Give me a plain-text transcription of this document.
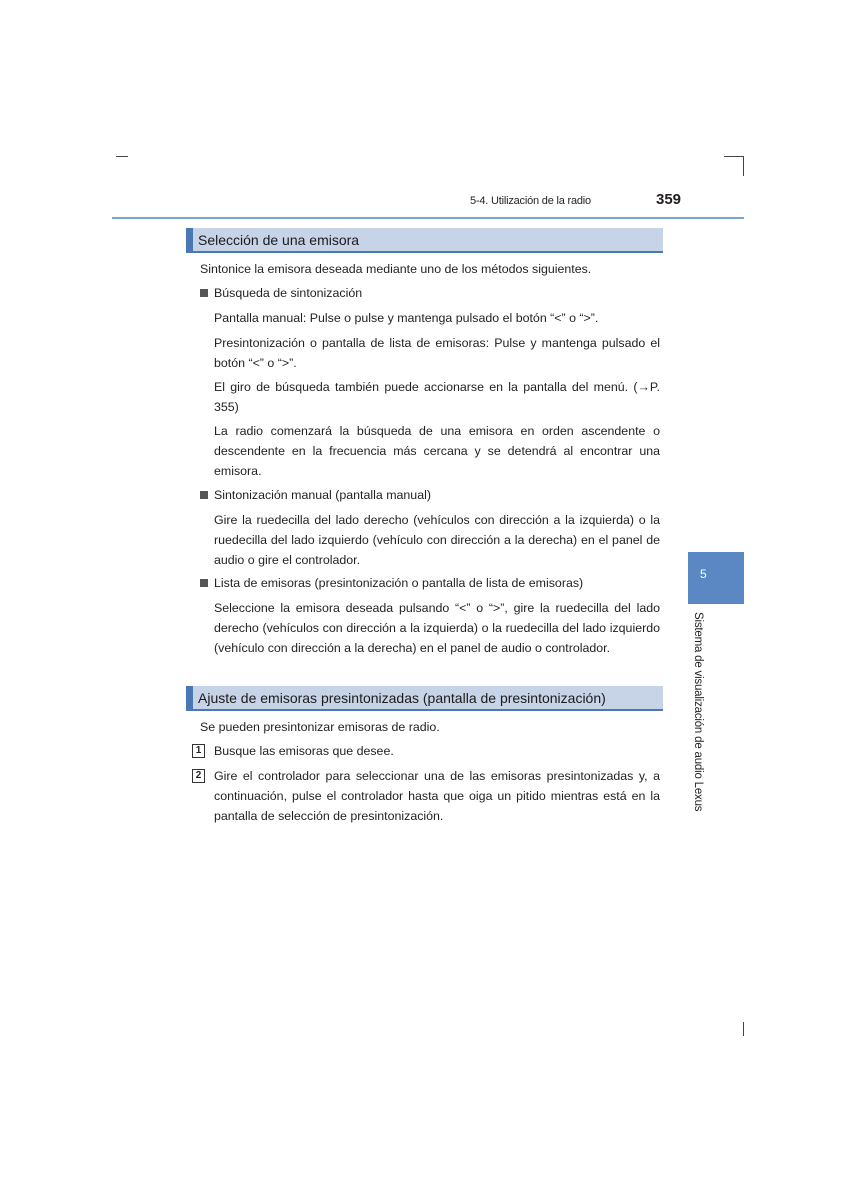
5-4. Utilización de la radio	359
Selección de una emisora
Sintonice la emisora deseada mediante uno de los métodos siguientes.
Búsqueda de sintonización
Pantalla manual: Pulse o pulse y mantenga pulsado el botón “<” o “>”.
Presintonización o pantalla de lista de emisoras: Pulse y mantenga pulsado el botón “<” o “>”.
El giro de búsqueda también puede accionarse en la pantalla del menú. (→P. 355)
La radio comenzará la búsqueda de una emisora en orden ascendente o descendente en la frecuencia más cercana y se detendrá al encontrar una emisora.
Sintonización manual (pantalla manual)
Gire la ruedecilla del lado derecho (vehículos con dirección a la izquierda) o la ruedecilla del lado izquierdo (vehículo con dirección a la derecha) en el panel de audio o gire el controlador.
Lista de emisoras (presintonización o pantalla de lista de emisoras)
Seleccione la emisora deseada pulsando “<” o “>”, gire la ruedecilla del lado derecho (vehículos con dirección a la izquierda) o la ruedecilla del lado izquierdo (vehículo con dirección a la derecha) en el panel de audio o controlador.
Ajuste de emisoras presintonizadas (pantalla de presintonización)
Se pueden presintonizar emisoras de radio.
1 Busque las emisoras que desee.
2 Gire el controlador para seleccionar una de las emisoras presintonizadas y, a continuación, pulse el controlador hasta que oiga un pitido mientras está en la pantalla de selección de presintonización.
5
Sistema de visualización de audio Lexus
